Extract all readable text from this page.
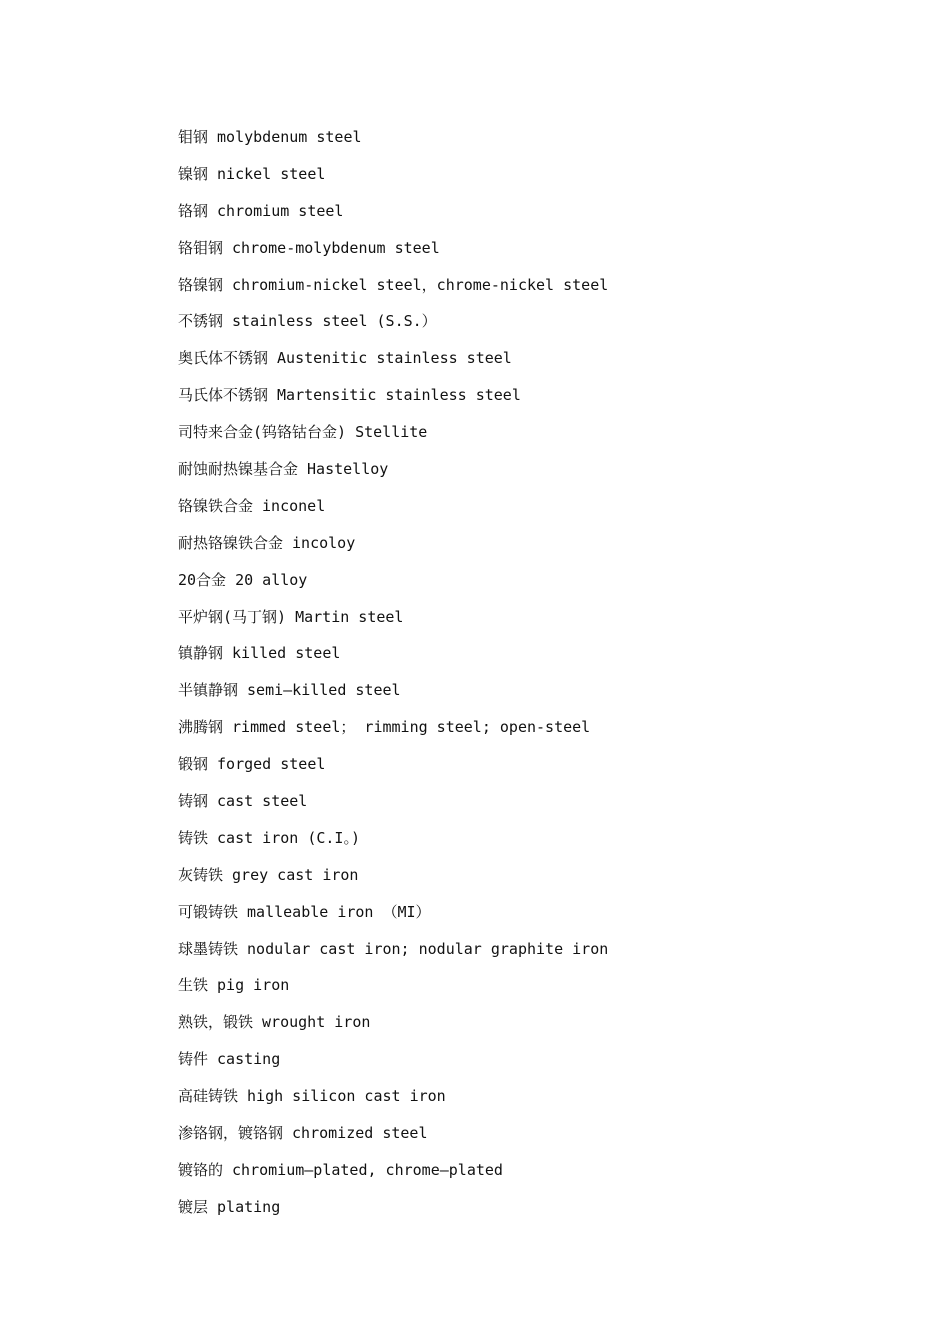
钼钢 molybdenum steel
镍钢 nickel steel
铬钢 chromium steel
铬钼钢 chrome-molybdenum steel
铬镍钢 chromium-nickel steel，chrome-nickel steel
不锈钢 stainless steel (S.S.）
奥氏体不锈钢 Austenitic stainless steel
马氏体不锈钢 Martensitic stainless steel
司特来合金(钨铬钴台金) Stellite
耐蚀耐热镍基合金 Hastelloy
铬镍铁合金 inconel
耐热铬镍铁合金 incoloy
20合金 20 alloy
平炉钢(马丁钢) Martin steel
镇静钢 killed steel
半镇静钢 semi—killed steel
沸腾钢 rimmed steel； rimming steel; open-steel
锻钢 forged steel
铸钢 cast steel
铸铁 cast iron (C.I。)
灰铸铁 grey cast iron
可锻铸铁 malleable iron （MI）
球墨铸铁 nodular cast iron; nodular graphite iron
生铁 pig iron
熟铁，锻铁 wrought iron
铸件 casting
高硅铸铁 high silicon cast iron
渗铬钢，镀铬钢 chromized steel
镀铬的 chromium—plated, chrome—plated
镀层 plating
